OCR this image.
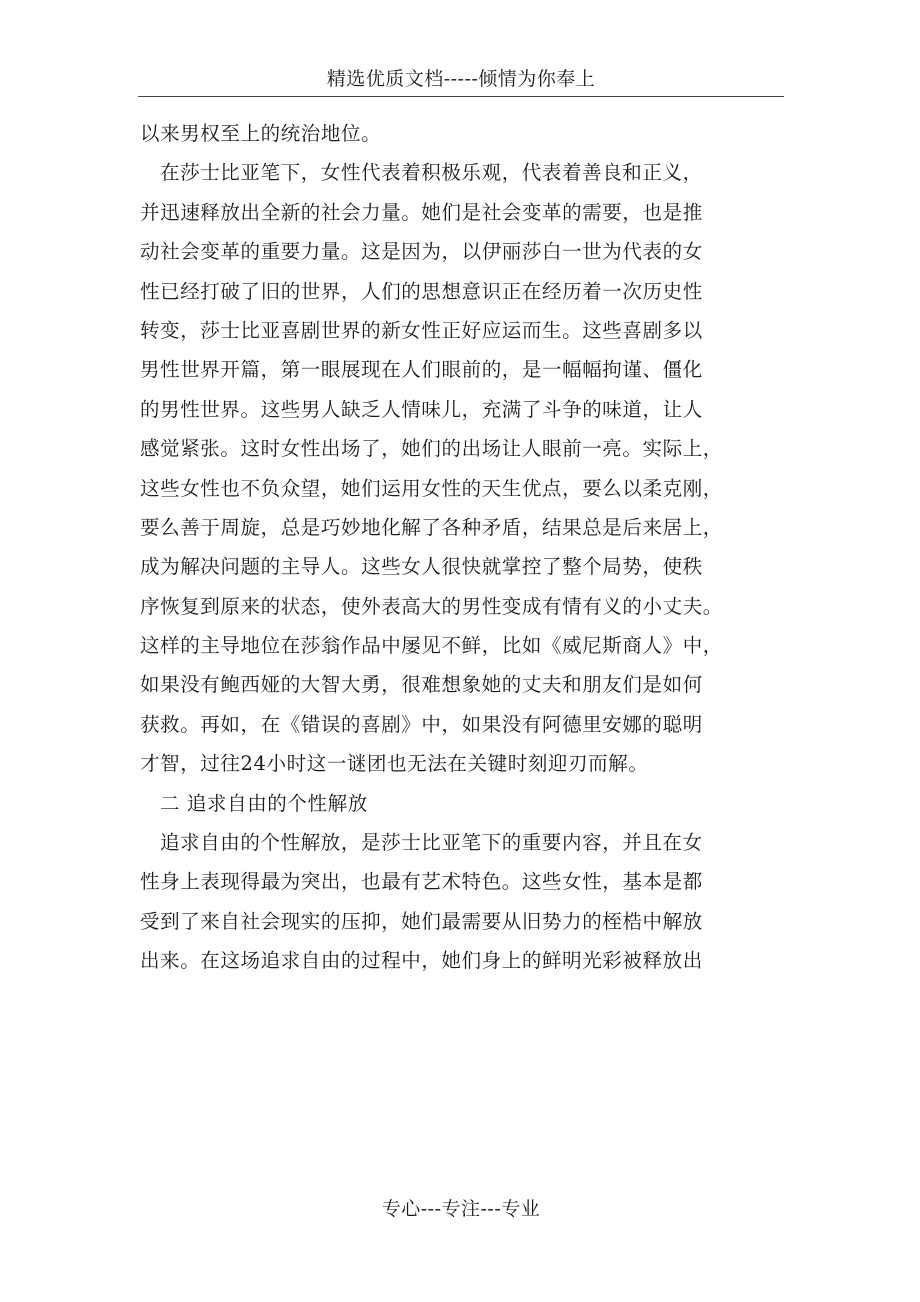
精选优质文档-----倾情为你奉上
以来男权至上的统治地位。
在莎士比亚笔下，女性代表着积极乐观，代表着善良和正义，
并迅速释放出全新的社会力量。她们是社会变革的需要，也是推
动社会变革的重要力量。这是因为，以伊丽莎白一世为代表的女
性已经打破了旧的世界，人们的思想意识正在经历着一次历史性
转变，莎士比亚喜剧世界的新女性正好应运而生。这些喜剧多以
男性世界开篇，第一眼展现在人们眼前的，是一幅幅拘谨、僵化
的男性世界。这些男人缺乏人情味儿，充满了斗争的味道，让人
感觉紧张。这时女性出场了，她们的出场让人眼前一亮。实际上，
这些女性也不负众望，她们运用女性的天生优点，要么以柔克刚，
要么善于周旋，总是巧妙地化解了各种矛盾，结果总是后来居上，
成为解决问题的主导人。这些女人很快就掌控了整个局势，使秩
序恢复到原来的状态，使外表高大的男性变成有情有义的小丈夫。
这样的主导地位在莎翁作品中屡见不鲜，比如《威尼斯商人》中，
如果没有鲍西娅的大智大勇，很难想象她的丈夫和朋友们是如何
获救。再如，在《错误的喜剧》中，如果没有阿德里安娜的聪明
才智，过往24小时这一谜团也无法在关键时刻迎刃而解。
二 追求自由的个性解放
追求自由的个性解放，是莎士比亚笔下的重要内容，并且在女
性身上表现得最为突出，也最有艺术特色。这些女性，基本是都
受到了来自社会现实的压抑，她们最需要从旧势力的桎梏中解放
出来。在这场追求自由的过程中，她们身上的鲜明光彩被释放出
专心---专注---专业
